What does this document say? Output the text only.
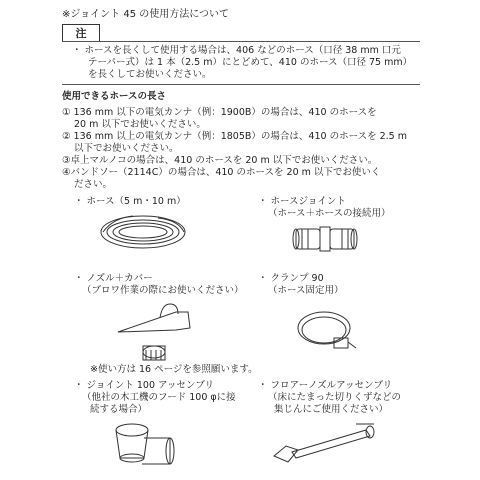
※ジョイント 45 の使用方法について
注
・ ホースを長くして使用する場合は、406 などのホース（口径 38 mm 口元
テーパー式）は 1 本（2.5 m）にとどめて、410 のホース（口径 75 mm）
を長くしてお使いください。
使用できるホースの長さ
① 136 mm 以下の電気カンナ（例：1900B）の場合は、410 のホースを
20 m 以下でお使いください。
② 136 mm 以上の電気カンナ（例：1805B）の場合は、410 のホースを 2.5 m
以下でお使いください。
③卓上マルノコの場合は、410 のホースを 20 m 以下でお使いください。
④バンドソー（2114C）の場合は、410 のホースを 20 m 以下でお使いく
ださい。
・ ホース（5 m・10 m）	・ ホースジョイント
（ホース＋ホースの接続用）
・ ノズル＋カバー
（ブロワ作業の際にお使いください）
・ クランプ 90
（ホース固定用）
※使い方は 16 ページを参照願います。
・ ジョイント 100 アッセンブリ
（他社の木工機のフード 100 φに接
続する場合）
・ フロアーノズルアッセンブリ
（床にたまった切りくずなどの
集じんにご使用ください）
